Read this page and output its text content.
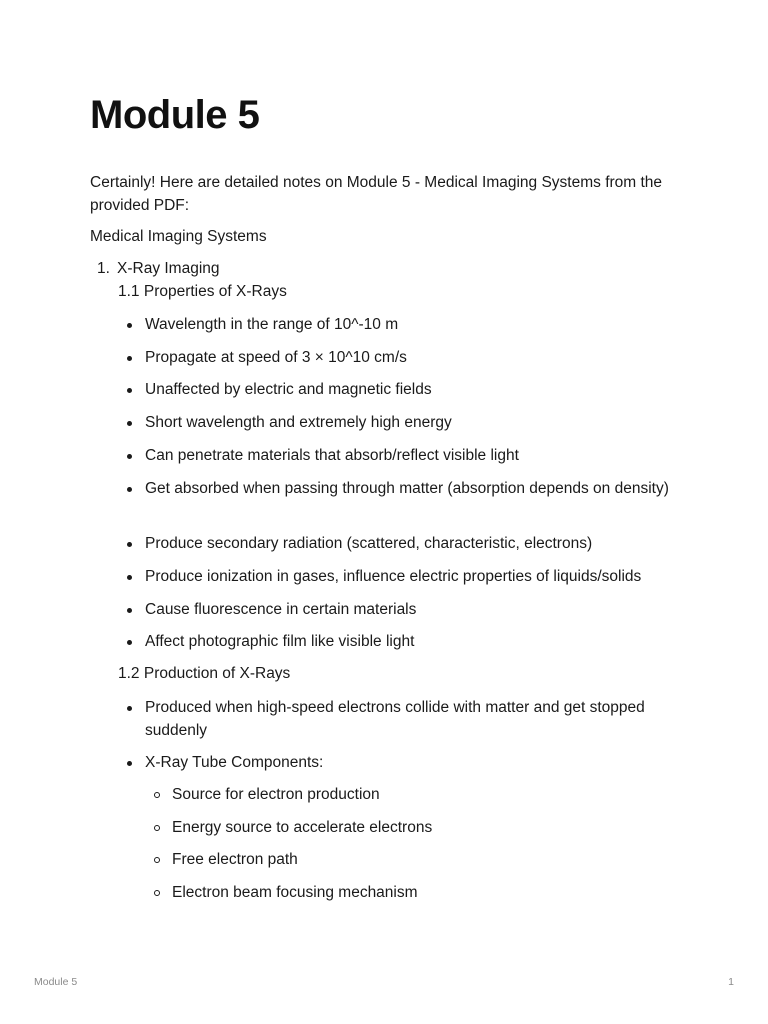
Module 5

Certainly! Here are detailed notes on Module 5 - Medical Imaging Systems from the provided PDF:

Medical Imaging Systems

1. X-Ray Imaging
1.1 Properties of X-Rays
Wavelength in the range of 10^-10 m
Propagate at speed of 3 × 10^10 cm/s
Unaffected by electric and magnetic fields
Short wavelength and extremely high energy
Can penetrate materials that absorb/reflect visible light
Get absorbed when passing through matter (absorption depends on density)
Produce secondary radiation (scattered, characteristic, electrons)
Produce ionization in gases, influence electric properties of liquids/solids
Cause fluorescence in certain materials
Affect photographic film like visible light
1.2 Production of X-Rays
Produced when high-speed electrons collide with matter and get stopped suddenly
X-Ray Tube Components:
Source for electron production
Energy source to accelerate electrons
Free electron path
Electron beam focusing mechanism
Module 5	1
